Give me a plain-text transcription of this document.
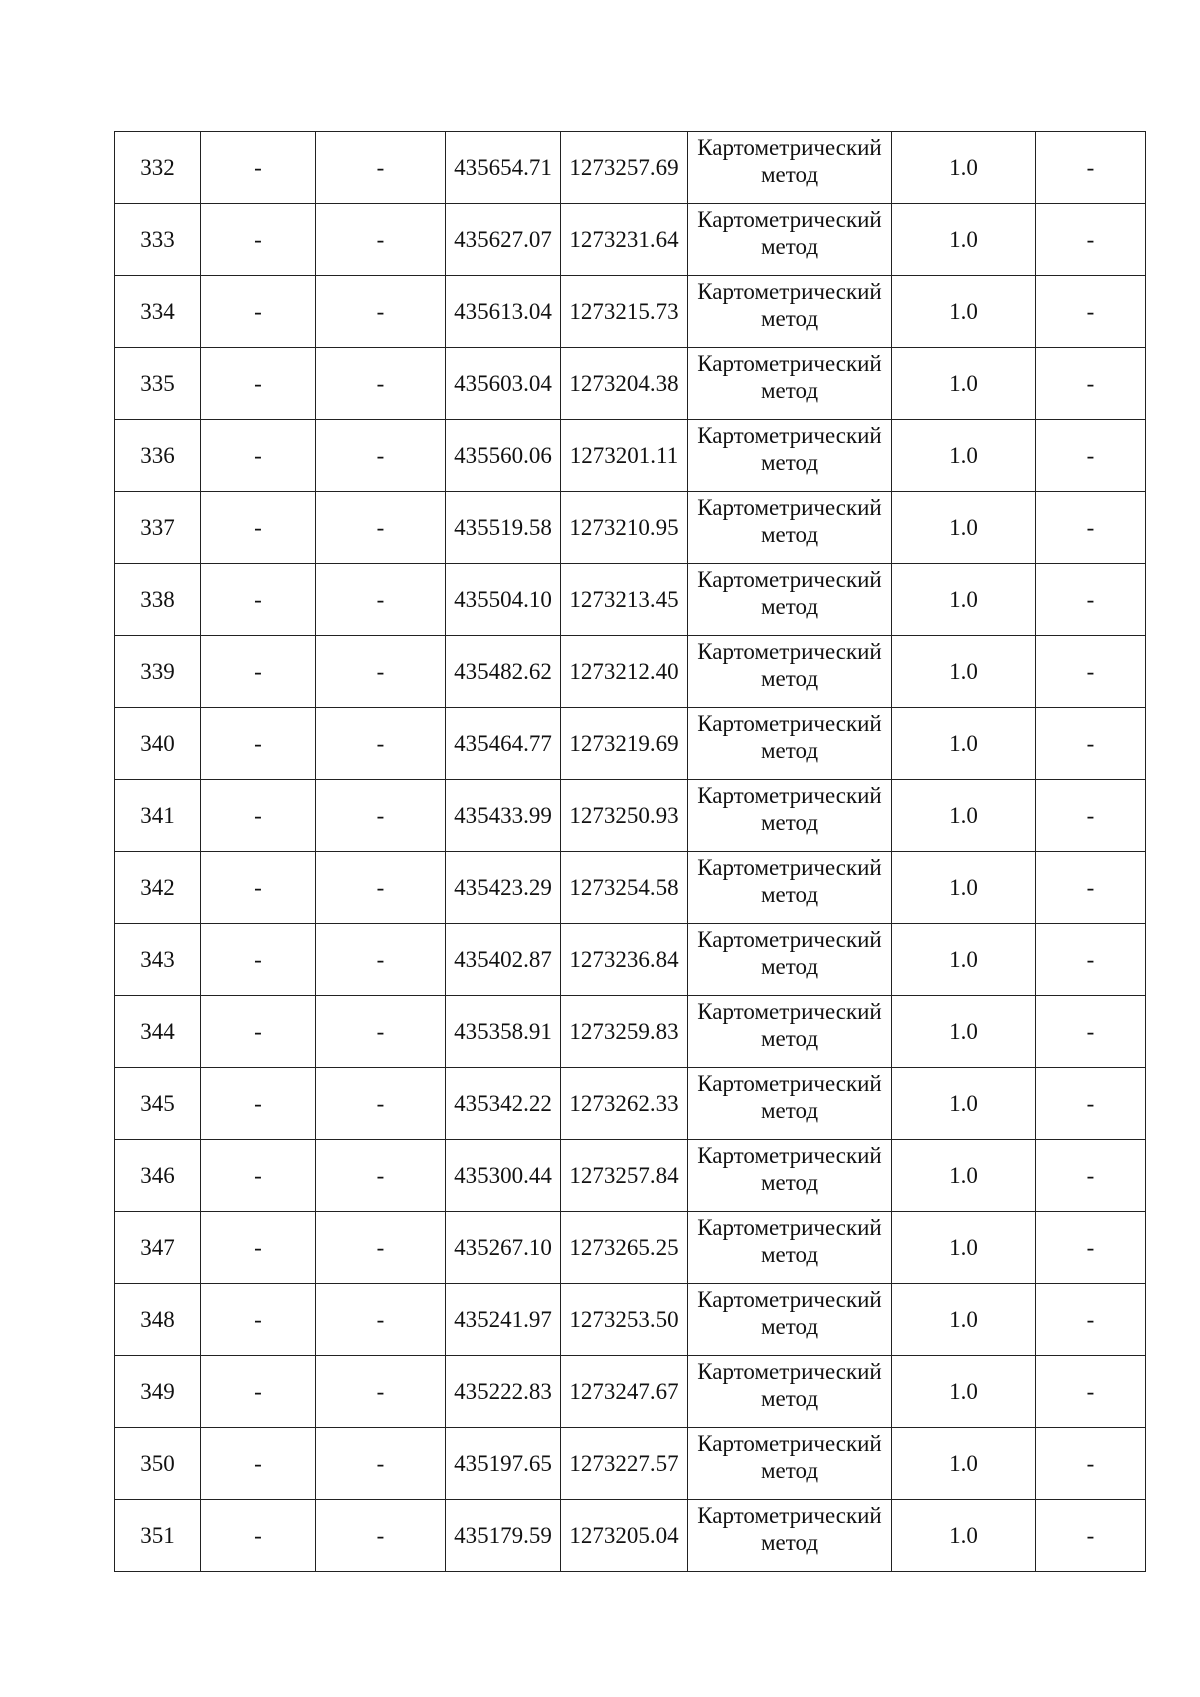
332	-	-	435654.71	1273257.69	Картометрический метод	1.0	-
333	-	-	435627.07	1273231.64	Картометрический метод	1.0	-
334	-	-	435613.04	1273215.73	Картометрический метод	1.0	-
335	-	-	435603.04	1273204.38	Картометрический метод	1.0	-
336	-	-	435560.06	1273201.11	Картометрический метод	1.0	-
337	-	-	435519.58	1273210.95	Картометрический метод	1.0	-
338	-	-	435504.10	1273213.45	Картометрический метод	1.0	-
339	-	-	435482.62	1273212.40	Картометрический метод	1.0	-
340	-	-	435464.77	1273219.69	Картометрический метод	1.0	-
341	-	-	435433.99	1273250.93	Картометрический метод	1.0	-
342	-	-	435423.29	1273254.58	Картометрический метод	1.0	-
343	-	-	435402.87	1273236.84	Картометрический метод	1.0	-
344	-	-	435358.91	1273259.83	Картометрический метод	1.0	-
345	-	-	435342.22	1273262.33	Картометрический метод	1.0	-
346	-	-	435300.44	1273257.84	Картометрический метод	1.0	-
347	-	-	435267.10	1273265.25	Картометрический метод	1.0	-
348	-	-	435241.97	1273253.50	Картометрический метод	1.0	-
349	-	-	435222.83	1273247.67	Картометрический метод	1.0	-
350	-	-	435197.65	1273227.57	Картометрический метод	1.0	-
351	-	-	435179.59	1273205.04	Картометрический метод	1.0	-
